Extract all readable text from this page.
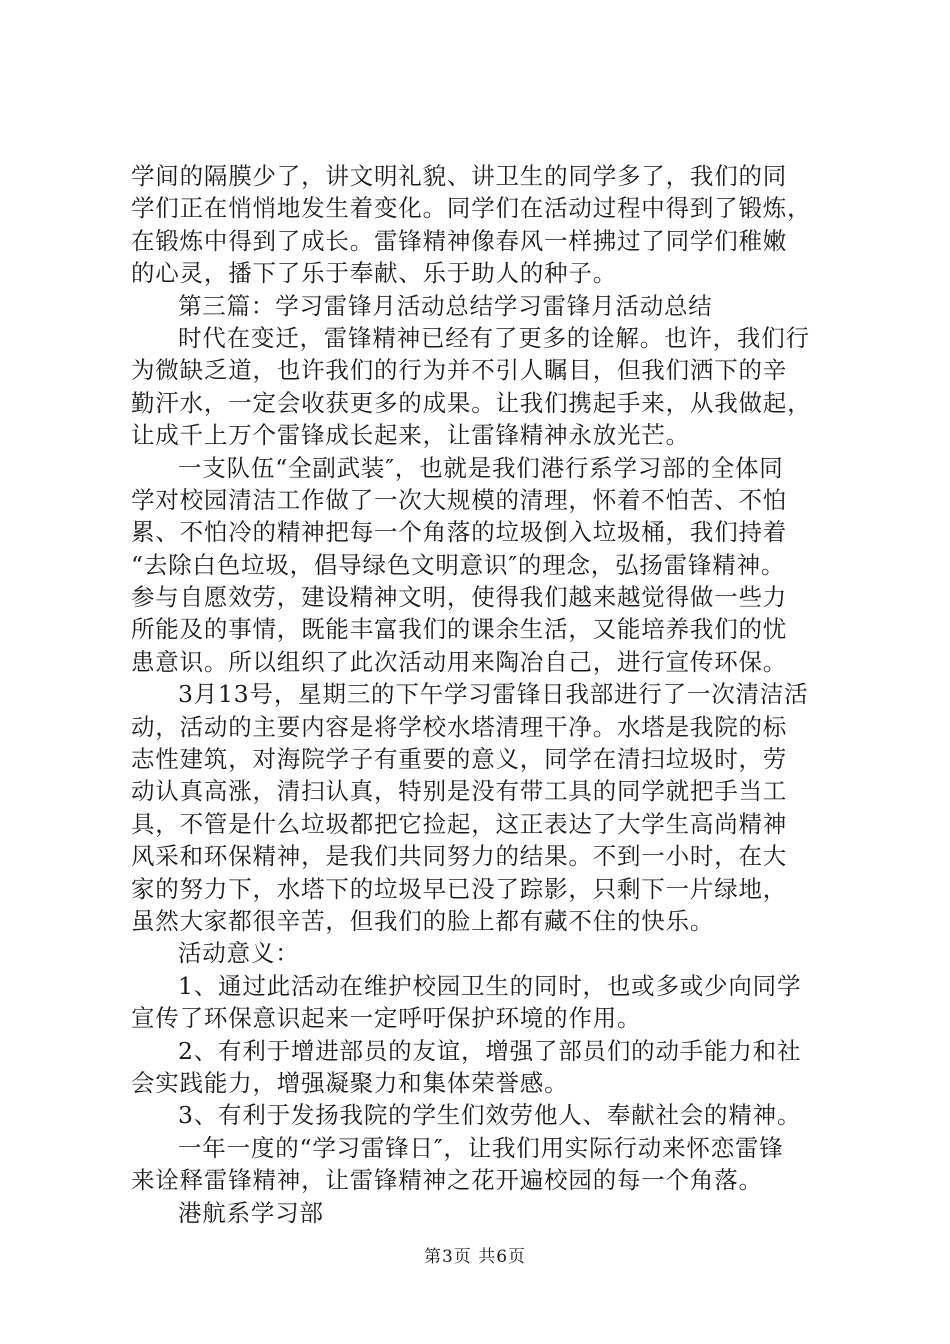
学间的隔膜少了，讲文明礼貌、讲卫生的同学多了，我们的同
学们正在悄悄地发生着变化。同学们在活动过程中得到了锻炼，
在锻炼中得到了成长。雷锋精神像春风一样拂过了同学们稚嫩
的心灵，播下了乐于奉献、乐于助人的种子。
第三篇：学习雷锋月活动总结学习雷锋月活动总结
时代在变迁，雷锋精神已经有了更多的诠解。也许，我们行
为微缺乏道，也许我们的行为并不引人瞩目，但我们洒下的辛
勤汗水，一定会收获更多的成果。让我们携起手来，从我做起，
让成千上万个雷锋成长起来，让雷锋精神永放光芒。
一支队伍“全副武装″，也就是我们港行系学习部的全体同
学对校园清洁工作做了一次大规模的清理，怀着不怕苦、不怕
累、不怕冷的精神把每一个角落的垃圾倒入垃圾桶，我们持着
“去除白色垃圾，倡导绿色文明意识″的理念，弘扬雷锋精神。
参与自愿效劳，建设精神文明，使得我们越来越觉得做一些力
所能及的事情，既能丰富我们的课余生活，又能培养我们的忧
患意识。所以组织了此次活动用来陶冶自己，进行宣传环保。
3月13号，星期三的下午学习雷锋日我部进行了一次清洁活
动，活动的主要内容是将学校水塔清理干净。水塔是我院的标
志性建筑，对海院学子有重要的意义，同学在清扫垃圾时，劳
动认真高涨，清扫认真，特别是没有带工具的同学就把手当工
具，不管是什么垃圾都把它捡起，这正表达了大学生高尚精神
风采和环保精神，是我们共同努力的结果。不到一小时，在大
家的努力下，水塔下的垃圾早已没了踪影，只剩下一片绿地，
虽然大家都很辛苦，但我们的脸上都有藏不住的快乐。
活动意义：
1、通过此活动在维护校园卫生的同时，也或多或少向同学
宣传了环保意识起来一定呼吁保护环境的作用。
2、有利于增进部员的友谊，增强了部员们的动手能力和社
会实践能力，增强凝聚力和集体荣誉感。
3、有利于发扬我院的学生们效劳他人、奉献社会的精神。
一年一度的“学习雷锋日″，让我们用实际行动来怀恋雷锋
来诠释雷锋精神，让雷锋精神之花开遍校园的每一个角落。
港航系学习部
第3页 共6页
